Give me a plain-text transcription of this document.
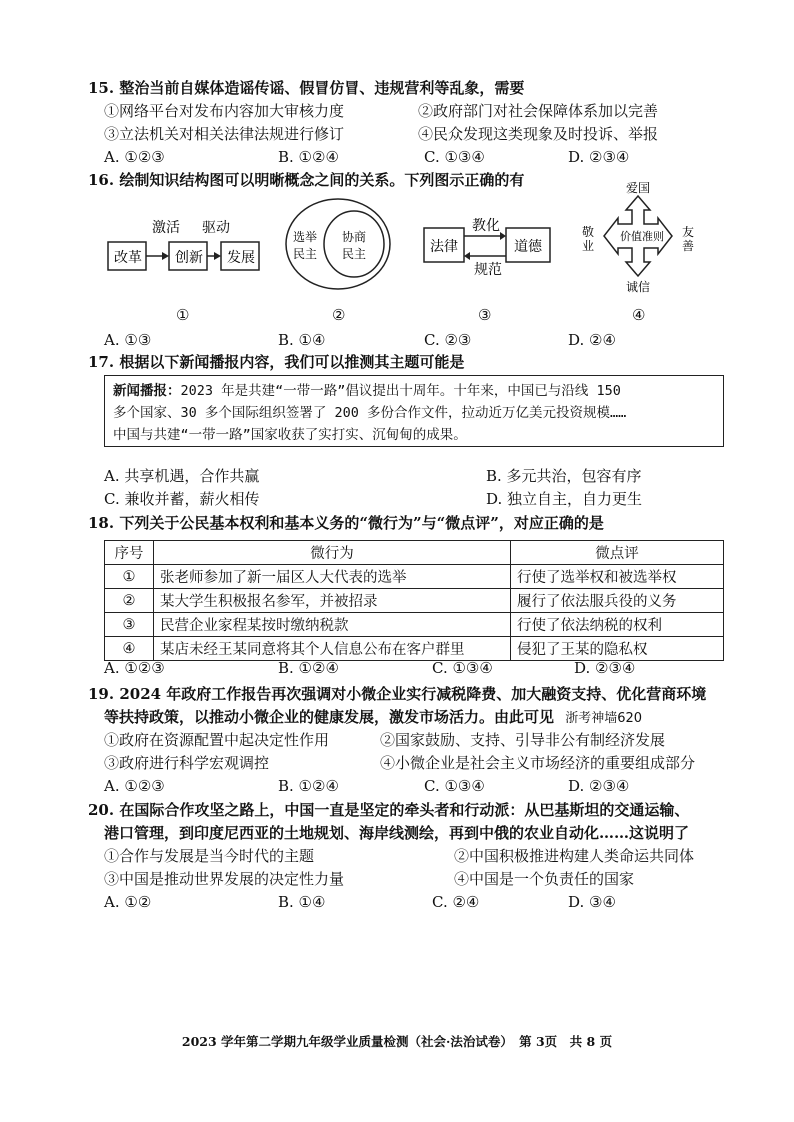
15. 整治当前自媒体造谣传谣、假冒仿冒、违规营利等乱象，需要
①网络平台对发布内容加大审核力度	②政府部门对社会保障体系加以完善
③立法机关对相关法律法规进行修订	④民众发现这类现象及时投诉、举报
A. ①②③	B. ①②④	C. ①③④	D. ②③④
16. 绘制知识结构图可以明晰概念之间的关系。下列图示正确的有
激活 驱动
改革 创新 发展
选举
民主
协商
民主	法律	道德
教化
规范
爱国
诚信
敬
业
友
善
价值准则
①	②	③	④
A. ①③	B. ①④	C. ②③	D. ②④
17. 根据以下新闻播报内容，我们可以推测其主题可能是
新闻播报：2023 年是共建“一带一路”倡议提出十周年。十年来，中国已与沿线 150
多个国家、30 多个国际组织签署了 200 多份合作文件，拉动近万亿美元投资规模……
中国与共建“一带一路”国家收获了实打实、沉甸甸的成果。
A. 共享机遇，合作共赢	B. 多元共治，包容有序
C. 兼收并蓄，薪火相传	D. 独立自主，自力更生
18. 下列关于公民基本权利和基本义务的“微行为”与“微点评”，对应正确的是
序号	微行为	微点评
①	张老师参加了新一届区人大代表的选举	行使了选举权和被选举权
②	某大学生积极报名参军，并被招录	履行了依法服兵役的义务
③	民营企业家程某按时缴纳税款	行使了依法纳税的权利
④	某店未经王某同意将其个人信息公布在客户群里	侵犯了王某的隐私权
A. ①②③	B. ①②④	C. ①③④	D. ②③④
19. 2024 年政府工作报告再次强调对小微企业实行减税降费、加大融资支持、优化营商环境
等扶持政策，以推动小微企业的健康发展，激发市场活力。由此可见 浙考神墙620
①政府在资源配置中起决定性作用	②国家鼓励、支持、引导非公有制经济发展
③政府进行科学宏观调控	④小微企业是社会主义市场经济的重要组成部分
A. ①②③	B. ①②④	C. ①③④	D. ②③④
20. 在国际合作攻坚之路上，中国一直是坚定的牵头者和行动派：从巴基斯坦的交通运输、
港口管理，到印度尼西亚的土地规划、海岸线测绘，再到中俄的农业自动化……这说明了
①合作与发展是当今时代的主题	②中国积极推进构建人类命运共同体
③中国是推动世界发展的决定性力量	④中国是一个负责任的国家
A. ①②	B. ①④	C. ②④	D. ③④
2023 学年第二学期九年级学业质量检测（社会·法治试卷）　第 3页　共 8 页
